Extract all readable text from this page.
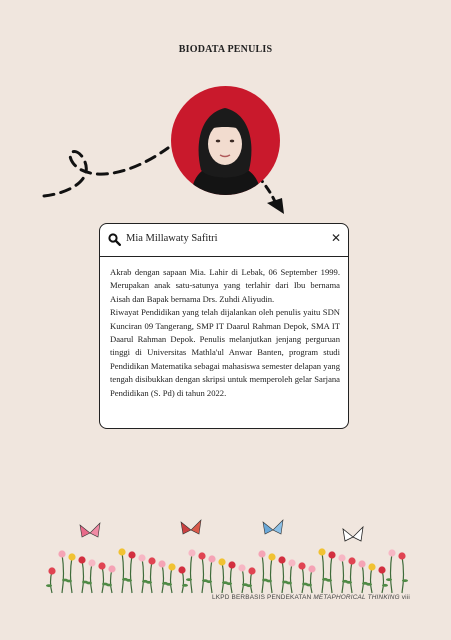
BIODATA PENULIS
Mia Millawaty Safitri	✕

Akrab dengan sapaan Mia. Lahir di Lebak, 06 September 1999. Merupakan anak satu-satunya yang terlahir dari Ibu bernama Aisah dan Bapak bernama Drs. Zuhdi Aliyudin.

Riwayat Pendidikan yang telah dijalankan oleh penulis yaitu SDN Kunciran 09 Tangerang, SMP IT Daarul Rahman Depok, SMA IT Daarul Rahman Depok. Penulis melanjutkan jenjang perguruan tinggi di Universitas Mathla'ul Anwar Banten, program studi Pendidikan Matematika sebagai mahasiswa semester delapan yang tengah disibukkan dengan skripsi untuk memperoleh gelar Sarjana Pendidikan (S. Pd) di tahun 2022.

LKPD BERBASIS PENDEKATAN METAPHORICAL THINKING viii
